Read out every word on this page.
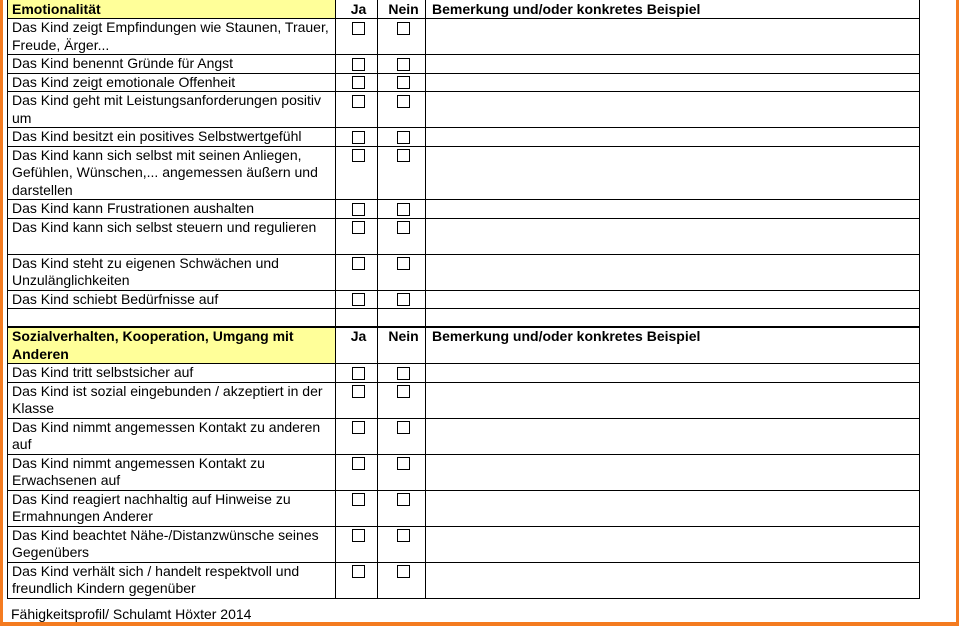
Emotionalität	Ja	Nein	Bemerkung und/oder konkretes Beispiel
Das Kind zeigt Empfindungen wie Staunen, Trauer, Freude, Ärger...			
Das Kind benennt Gründe für Angst			
Das Kind zeigt emotionale Offenheit			
Das Kind geht mit Leistungsanforderungen positiv um			
Das Kind besitzt ein positives Selbstwertgefühl			
Das Kind kann sich selbst mit seinen Anliegen, Gefühlen, Wünschen,... angemessen äußern und darstellen			
Das Kind kann Frustrationen aushalten			
Das Kind kann sich selbst steuern und regulieren			
Das Kind steht zu eigenen Schwächen und Unzulänglichkeiten			
Das Kind schiebt Bedürfnisse auf			

Sozialverhalten, Kooperation, Umgang mit Anderen	Ja	Nein	Bemerkung und/oder konkretes Beispiel
Das Kind tritt selbstsicher auf			
Das Kind ist sozial eingebunden / akzeptiert in der Klasse			
Das Kind nimmt angemessen Kontakt zu anderen auf			
Das Kind nimmt angemessen Kontakt zu Erwachsenen auf			
Das Kind reagiert nachhaltig auf Hinweise zu Ermahnungen Anderer			
Das Kind beachtet Nähe-/Distanzwünsche seines Gegenübers			
Das Kind verhält sich / handelt respektvoll und freundlich Kindern gegenüber			
Fähigkeitsprofil/ Schulamt Höxter 2014
